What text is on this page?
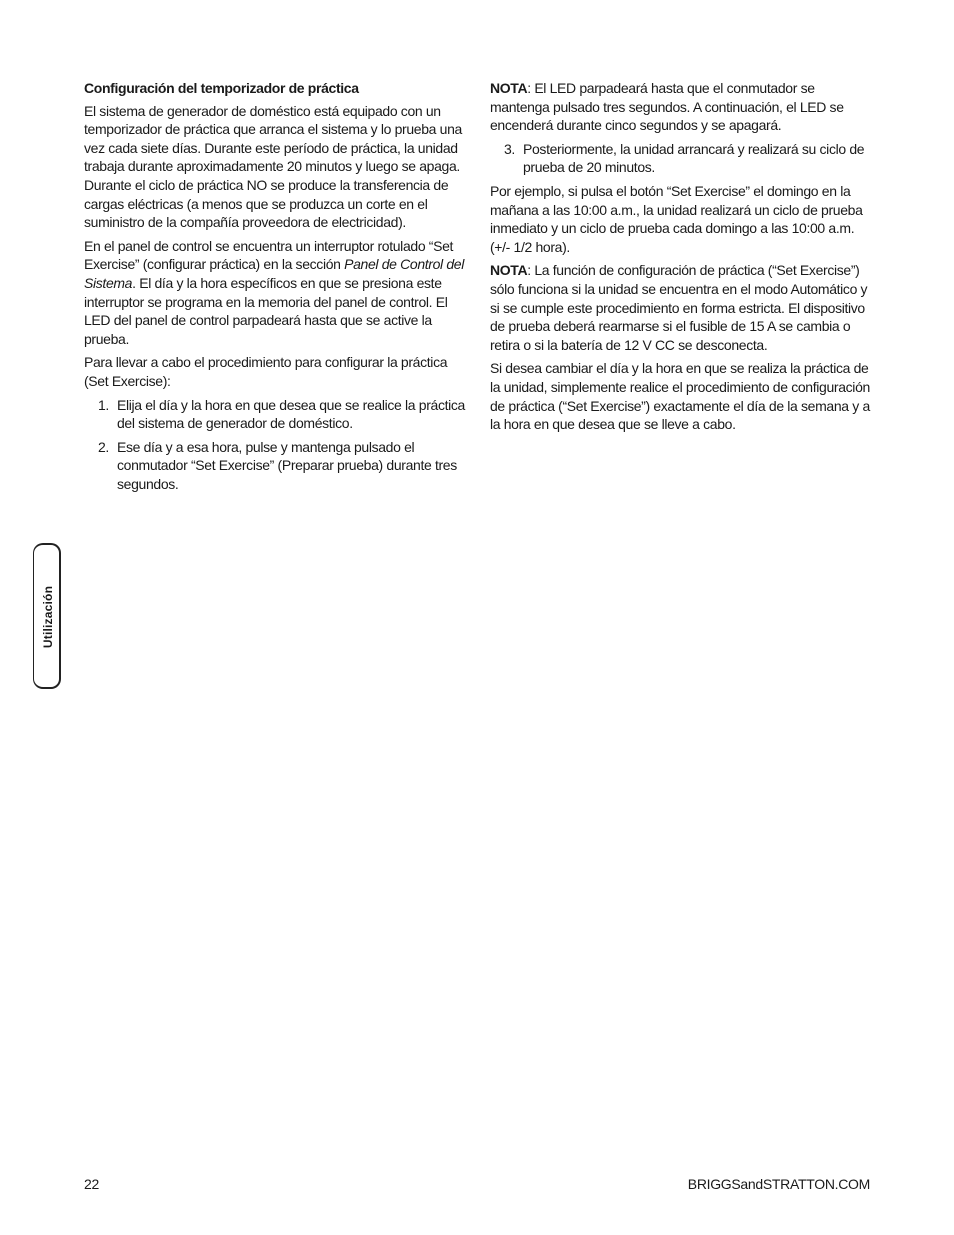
Configuración del temporizador de práctica

El sistema de generador de doméstico está equipado con un temporizador de práctica que arranca el sistema y lo prueba una vez cada siete días. Durante este período de práctica, la unidad trabaja durante aproximadamente 20 minutos y luego se apaga. Durante el ciclo de práctica NO se produce la transferencia de cargas eléctricas (a menos que se produzca un corte en el suministro de la compañía proveedora de electricidad).

En el panel de control se encuentra un interruptor rotulado “Set Exercise” (configurar práctica) en la sección Panel de Control del Sistema. El día y la hora específicos en que se presiona este interruptor se programa en la memoria del panel de control. El LED del panel de control parpadeará hasta que se active la prueba.

Para llevar a cabo el procedimiento para configurar la práctica (Set Exercise):

1. Elija el día y la hora en que desea que se realice la práctica del sistema de generador de doméstico.
2. Ese día y a esa hora, pulse y mantenga pulsado el conmutador “Set Exercise” (Preparar prueba) durante tres segundos.

NOTA: El LED parpadeará hasta que el conmutador se mantenga pulsado tres segundos. A continuación, el LED se encenderá durante cinco segundos y se apagará.

3. Posteriormente, la unidad arrancará y realizará su ciclo de prueba de 20 minutos.

Por ejemplo, si pulsa el botón “Set Exercise” el domingo en la mañana a las 10:00 a.m., la unidad realizará un ciclo de prueba inmediato y un ciclo de prueba cada domingo a las 10:00 a.m. (+/- 1/2 hora).

NOTA: La función de configuración de práctica (“Set Exercise”) sólo funciona si la unidad se encuentra en el modo Automático y si se cumple este procedimiento en forma estricta. El dispositivo de prueba deberá rearmarse si el fusible de 15 A se cambia o retira o si la batería de 12 V CC se desconecta.

Si desea cambiar el día y la hora en que se realiza la práctica de la unidad, simplemente realice el procedimiento de configuración de práctica (“Set Exercise”) exactamente el día de la semana y a la hora en que desea que se lleve a cabo.

Utilización
22	BRIGGSandSTRATTON.COM
